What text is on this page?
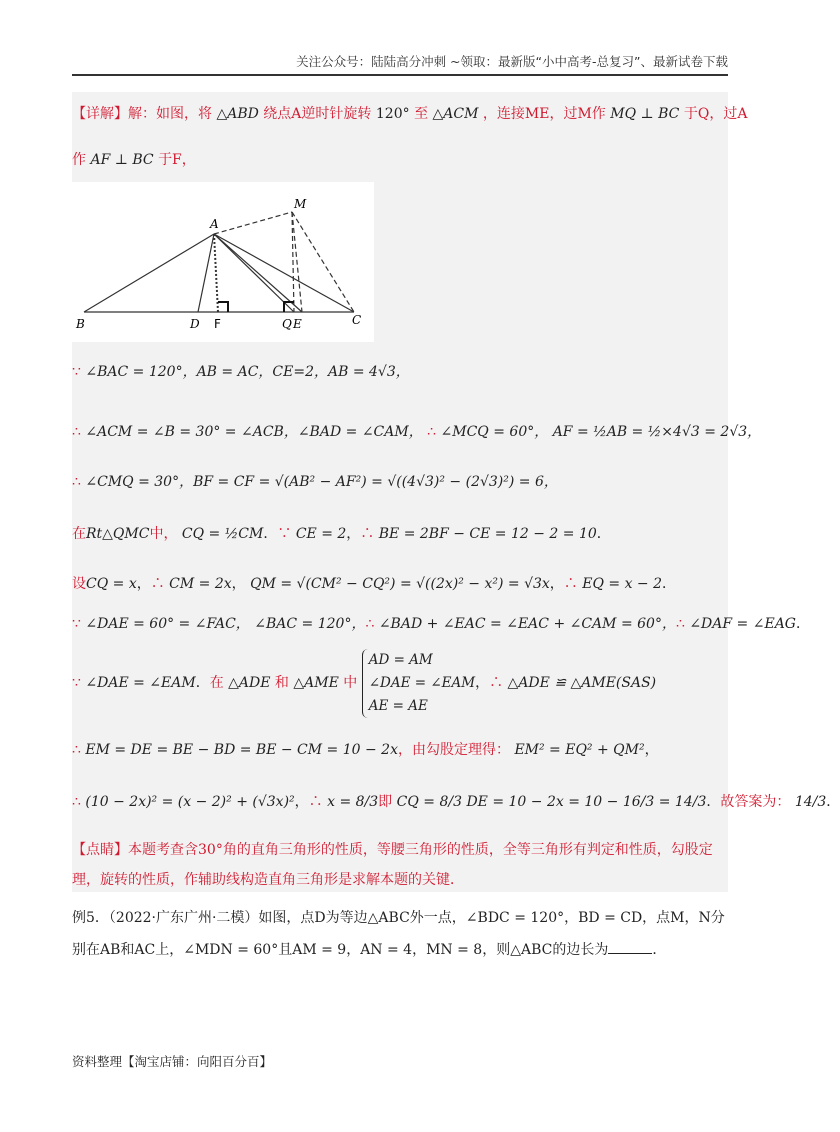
关注公众号：陆陆高分冲刺 ~领取：最新版“小中高考-总复习”、最新试卷下载
【详解】解：如图，将 △ABD 绕点A逆时针旋转 120° 至 △ACM ，连接ME，过M作 MQ ⊥ BC 于Q，过A
作 AF ⊥ BC 于F，
A
M
B	D F	Q E	C
∵ ∠BAC = 120°，AB = AC，CE=2，AB = 4√3，
∴ ∠ACM = ∠B = 30° = ∠ACB，∠BAD = ∠CAM， ∴ ∠MCQ = 60°， AF = ½AB = ½×4√3 = 2√3，
∴ ∠CMQ = 30°，BF = CF = √(AB² − AF²) = √((4√3)² − (2√3)²) = 6，
在Rt△QMC中， CQ = ½CM．∵ CE = 2，∴ BE = 2BF − CE = 12 − 2 = 10．
设CQ = x，∴ CM = 2x， QM = √(CM² − CQ²) = √((2x)² − x²) = √3x，∴ EQ = x − 2．
∵ ∠DAE = 60° = ∠FAC， ∠BAC = 120°，∴ ∠BAD + ∠EAC = ∠EAC + ∠CAM = 60°，∴ ∠DAF = ∠EAG．
∵ ∠DAE = ∠EAM．在 △ADE 和 △AME 中 AD = AM
∠DAE = ∠EAM
AE = AE，∴ △ADE ≌ △AME(SAS)
∴ EM = DE = BE − BD = BE − CM = 10 − 2x，由勾股定理得： EM² = EQ² + QM²，
∴ (10 − 2x)² = (x − 2)² + (√3x)²，∴ x = 8/3即 CQ = 8/3 DE = 10 − 2x = 10 − 16/3 = 14/3．故答案为： 14/3．
【点睛】本题考查含30°角的直角三角形的性质，等腰三角形的性质，全等三角形有判定和性质，勾股定
理，旋转的性质，作辅助线构造直角三角形是求解本题的关键．
例5．（2022·广东广州·二模）如图，点D为等边△ABC外一点，∠BDC = 120°，BD = CD，点M，N分
别在AB和AC上，∠MDN = 60°且AM = 9，AN = 4，MN = 8，则△ABC的边长为	．
资料整理【淘宝店铺：向阳百分百】
